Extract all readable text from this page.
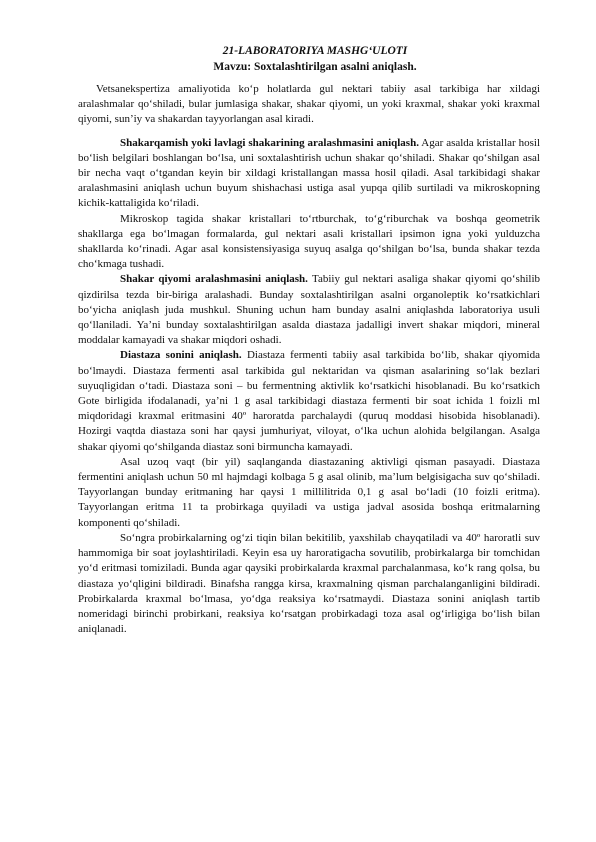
21-LABORATORIYA MASHG‘ULOTI
Mavzu: Soxtalashtirilgan asalni aniqlash.

Vetsanekspertiza amaliyotida ko‘p holatlarda gul nektari tabiiy asal tarkibiga har xildagi aralashmalar qo‘shiladi, bular jumlasiga shakar, shakar qiyomi, un yoki kraxmal, shakar yoki kraxmal qiyomi, sun’iy va shakardan tayyorlangan asal kiradi.

Shakarqamish yoki lavlagi shakarining aralashmasini aniqlash. Agar asalda kristallar hosil bo‘lish belgilari boshlangan bo‘lsa, uni soxtalashtirish uchun shakar qo‘shiladi. Shakar qo‘shilgan asal bir necha vaqt o‘tgandan keyin bir xildagi kristallangan massa hosil qiladi. Asal tarkibidagi shakar aralashmasini aniqlash uchun buyum shishachasi ustiga asal yupqa qilib surtiladi va mikroskopning kichik-kattaligida ko‘riladi.

Mikroskop tagida shakar kristallari to‘rtburchak, to‘g‘riburchak va boshqa geometrik shakllarga ega bo‘lmagan formalarda, gul nektari asali kristallari ipsimon igna yoki yulduzcha shakllarda ko‘rinadi. Agar asal konsistensiyasiga suyuq asalga qo‘shilgan bo‘lsa, bunda shakar tezda cho‘kmaga tushadi.

Shakar qiyomi aralashmasini aniqlash. Tabiiy gul nektari asaliga shakar qiyomi qo‘shilib qizdirilsa tezda bir-biriga aralashadi. Bunday soxtalashtirilgan asalni organoleptik ko‘rsatkichlari bo‘yicha aniqlash juda mushkul. Shuning uchun ham bunday asalni aniqlashda laboratoriya usuli qo‘llaniladi. Ya’ni bunday soxtalashtirilgan asalda diastaza jadalligi invert shakar miqdori, mineral moddalar kamayadi va shakar miqdori oshadi.

Diastaza sonini aniqlash. Diastaza fermenti tabiiy asal tarkibida bo‘lib, shakar qiyomida bo‘lmaydi. Diastaza fermenti asal tarkibida gul nektaridan va qisman asalarining so‘lak bezlari suyuqligidan o‘tadi. Diastaza soni – bu fermentning aktivlik ko‘rsatkichi hisoblanadi. Bu ko‘rsatkich Gote birligida ifodalanadi, ya’ni 1 g asal tarkibidagi diastaza fermenti bir soat ichida 1 foizli ml miqdoridagi kraxmal eritmasini 40º haroratda parchalaydi (quruq moddasi hisobida hisoblanadi). Hozirgi vaqtda diastaza soni har qaysi jumhuriyat, viloyat, o‘lka uchun alohida belgilangan. Asalga shakar qiyomi qo‘shilganda diastaz soni birmuncha kamayadi.

Asal uzoq vaqt (bir yil) saqlanganda diastazaning aktivligi qisman pasayadi. Diastaza fermentini aniqlash uchun 50 ml hajmdagi kolbaga 5 g asal olinib, ma’lum belgisigacha suv qo‘shiladi. Tayyorlangan bunday eritmaning har qaysi 1 millilitrida 0,1 g asal bo‘ladi (10 foizli eritma). Tayyorlangan eritma 11 ta probirkaga quyiladi va ustiga jadval asosida boshqa eritmalarning komponenti qo‘shiladi.

So‘ngra probirkalarning og‘zi tiqin bilan bekitilib, yaxshilab chayqatiladi va 40º haroratli suv hammomiga bir soat joylashtiriladi. Keyin esa uy haroratigacha sovutilib, probirkalarga bir tomchidan yo‘d eritmasi tomiziladi. Bunda agar qaysiki probirkalarda kraxmal parchalanmasa, ko‘k rang qolsa, bu diastaza yo‘qligini bildiradi. Binafsha rangga kirsa, kraxmalning qisman parchalanganligini bildiradi. Probirkalarda kraxmal bo‘lmasa, yo‘dga reaksiya ko‘rsatmaydi. Diastaza sonini aniqlash tartib nomeridagi birinchi probirkani, reaksiya ko‘rsatgan probirkadagi toza asal og‘irligiga bo‘lish bilan aniqlanadi.
